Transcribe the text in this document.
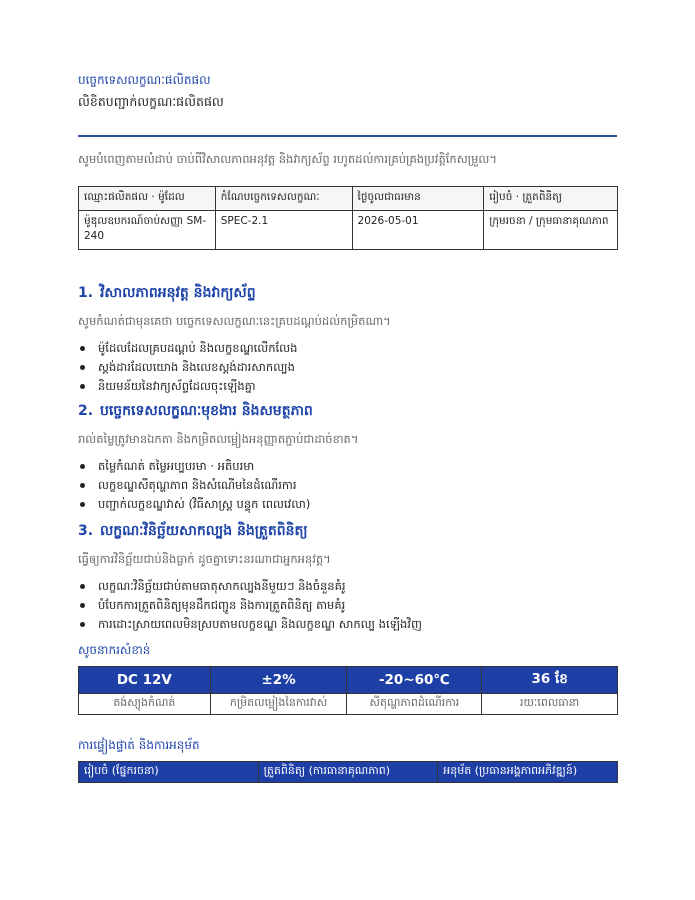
បច្ចេកទេសលក្ខណៈផលិតផល
លិខិតបញ្ជាក់លក្ខណៈផលិតផល
សូមបំពេញតាមលំដាប់ ចាប់ពីវិសាលភាពអនុវត្ត និងវាក្យស័ព្ទ រហូតដល់ការគ្រប់គ្រងប្រវត្តិកែសម្រួល។
ឈ្មោះផលិតផល · ម៉ូដែល	កំណែបច្ចេកទេសលក្ខណៈ	ថ្ងៃចូលជាធរមាន	រៀបចំ · ត្រួតពិនិត្យ
ម៉ូឌុលឧបករណ៍ចាប់សញ្ញា SM-240	SPEC-2.1	2026-05-01	ក្រុមរចនា / ក្រុមធានាគុណភាព
1. វិសាលភាពអនុវត្ត និងវាក្យស័ព្ទ
សូមកំណត់ជាមុនគេថា បច្ចេកទេសលក្ខណៈនេះគ្របដណ្តប់ដល់កម្រិតណា។
ម៉ូដែលដែលគ្របដណ្តប់ និងលក្ខខណ្ឌលើកលែង
ស្តង់ដារដែលយោង និងលេខស្តង់ដារសាកល្បង
និយមន័យនៃវាក្យស័ព្ទដែលចុះឡើងគ្នា
2. បច្ចេកទេសលក្ខណៈមុខងារ និងសមត្ថភាព
រាល់តម្លៃត្រូវមានឯកតា និងកម្រិតលម្អៀងអនុញ្ញាតភ្ជាប់ជាដាច់ខាត។
តម្លៃកំណត់ តម្លៃអប្បបរមា · អតិបរមា
លក្ខខណ្ឌសីតុណ្ហភាព និងសំណើមនៃដំណើរការ
បញ្ជាក់លក្ខខណ្ឌវាស់ (វិធីសាស្ត្រ បន្ទុក ពេលវេលា)
3. លក្ខណៈវិនិច្ឆ័យសាកល្បង និងត្រួតពិនិត្យ
ធ្វើឲ្យការវិនិច្ឆ័យជាប់និងធ្លាក់ ដូចគ្នាទោះនរណាជាអ្នកអនុវត្ត។
លក្ខណៈវិនិច្ឆ័យជាប់តាមធាតុសាកល្បងនីមួយៗ និងចំនួនគំរូ
បំបែកការត្រួតពិនិត្យមុនដឹកជញ្ជូន និងការត្រួតពិនិត្យ តាមគំរូ
ការដោះស្រាយពេលមិនស្របតាមលក្ខខណ្ឌ និងលក្ខខណ្ឌ សាកល្ប ងឡើងវិញ
សូចនាករសំខាន់
DC 12V	±2%	-20~60℃	36 ខែ
តង់ស្យុងកំណត់	កម្រិតលម្អៀងនៃការវាស់	សីតុណ្ហភាពដំណើរការ	រយៈពេលធានា
ការផ្ទៀងផ្ទាត់ និងការអនុម័ត
រៀបចំ (ផ្នែករចនា)	ត្រួតពិនិត្យ (ការធានាគុណភាព)	អនុម័ត (ប្រធានអង្គភាពអភិវឌ្ឍន៍)
